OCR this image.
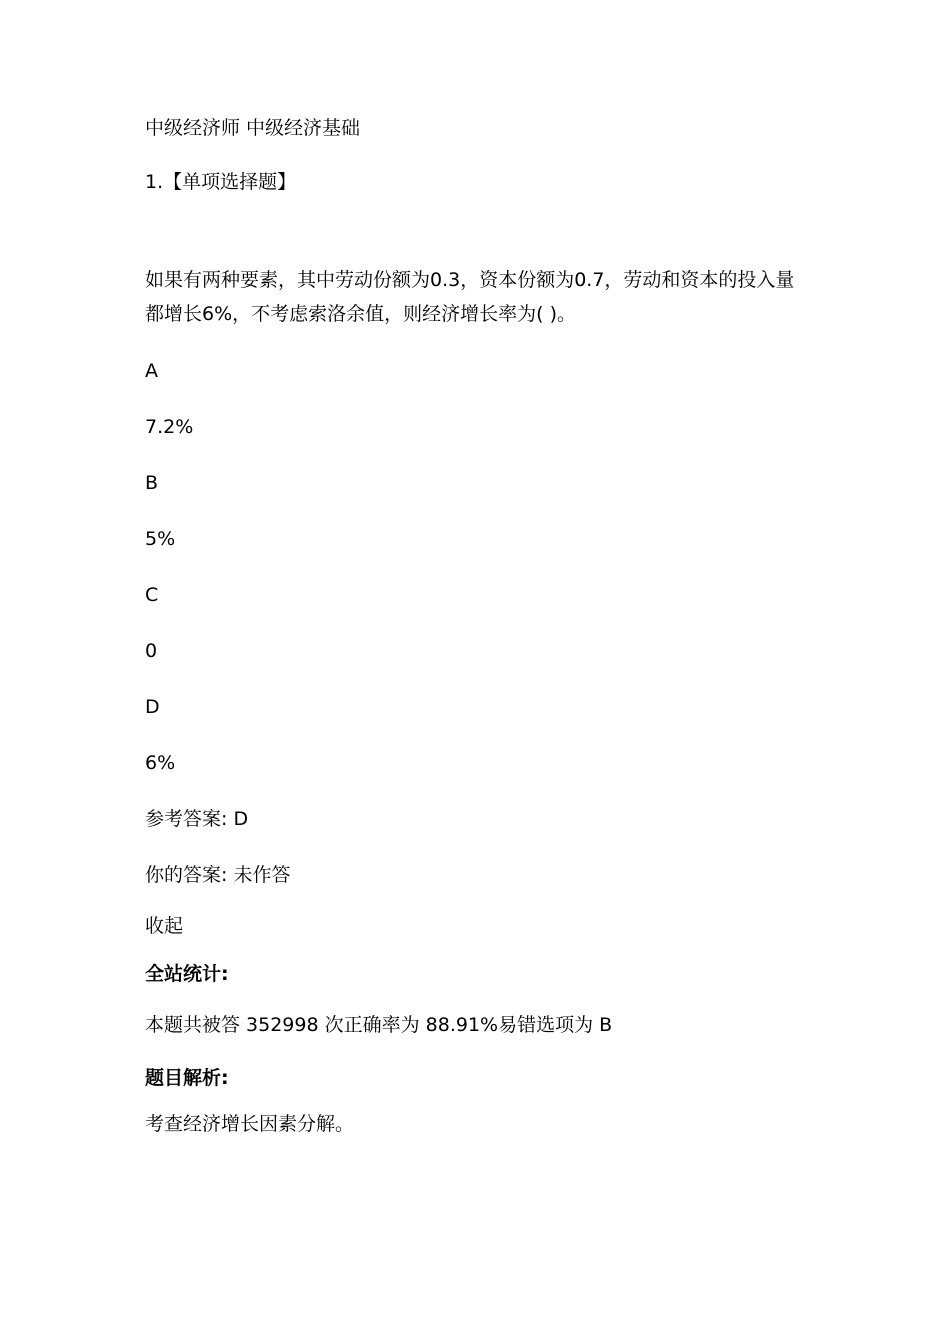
中级经济师 中级经济基础
1.【单项选择题】
如果有两种要素，其中劳动份额为0.3，资本份额为0.7，劳动和资本的投入量都增长6%，不考虑索洛余值，则经济增长率为( )。
A
7.2%
B
5%
C
0
D
6%
参考答案: D
你的答案: 未作答
收起
全站统计:
本题共被答 352998 次正确率为 88.91%易错选项为 B
题目解析:
考查经济增长因素分解。
